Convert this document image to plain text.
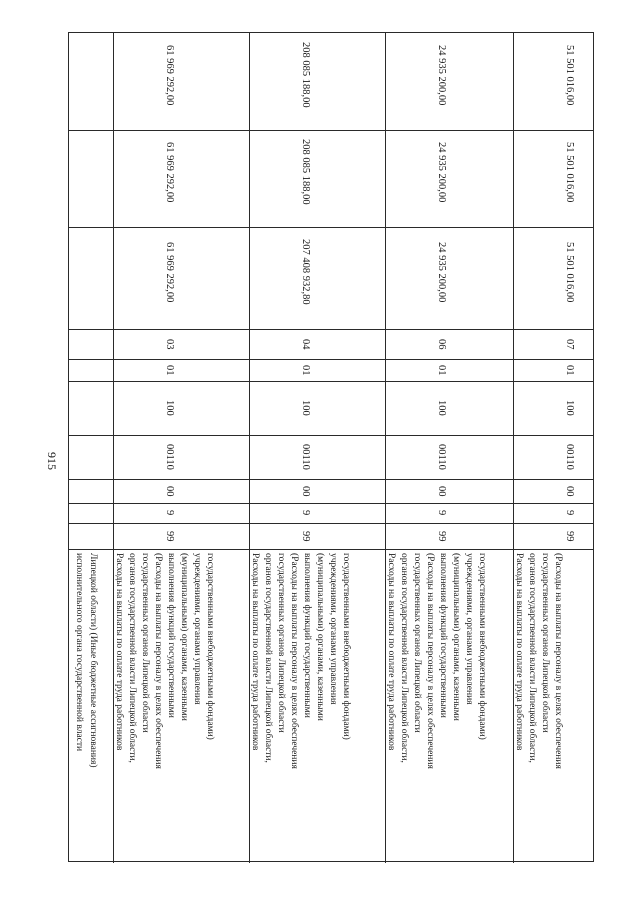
915
исполнительного органа государственной власти Липецкой области) (Иные бюджетные ассигнования) Расходы на выплаты по оплате труда работников органов государственной власти Липецкой области, государственных органов Липецкой области (Расходы на выплаты персоналу в целях обеспечения выполнения функций государственными (муниципальными) органами, казенными учреждениями, органами управления государственными внебюджетными фондами)
99
9
00
00110
100
01
03
61 969 292,00
61 969 292,00
61 969 292,00
Расходы на выплаты по оплате труда работников органов государственной власти Липецкой области, государственных органов Липецкой области (Расходы на выплаты персоналу в целях обеспечения выполнения функций государственными (муниципальными) органами, казенными учреждениями, органами управления государственными внебюджетными фондами)
99
9
00
00110
100
01
04
207 408 932,80
208 085 188,00
208 085 188,00
Расходы на выплаты по оплате труда работников органов государственной власти Липецкой области, государственных органов Липецкой области (Расходы на выплаты персоналу в целях обеспечения выполнения функций государственными (муниципальными) органами, казенными учреждениями, органами управления государственными внебюджетными фондами)
99
9
00
00110
100
01
06
24 935 200,00
24 935 200,00
24 935 200,00
Расходы на выплаты по оплате труда работников органов государственной власти Липецкой области, государственных органов Липецкой области (Расходы на выплаты персоналу в целях обеспечения
99
9
00
00110
100
01
07
51 501 016,00
51 501 016,00
51 501 016,00
